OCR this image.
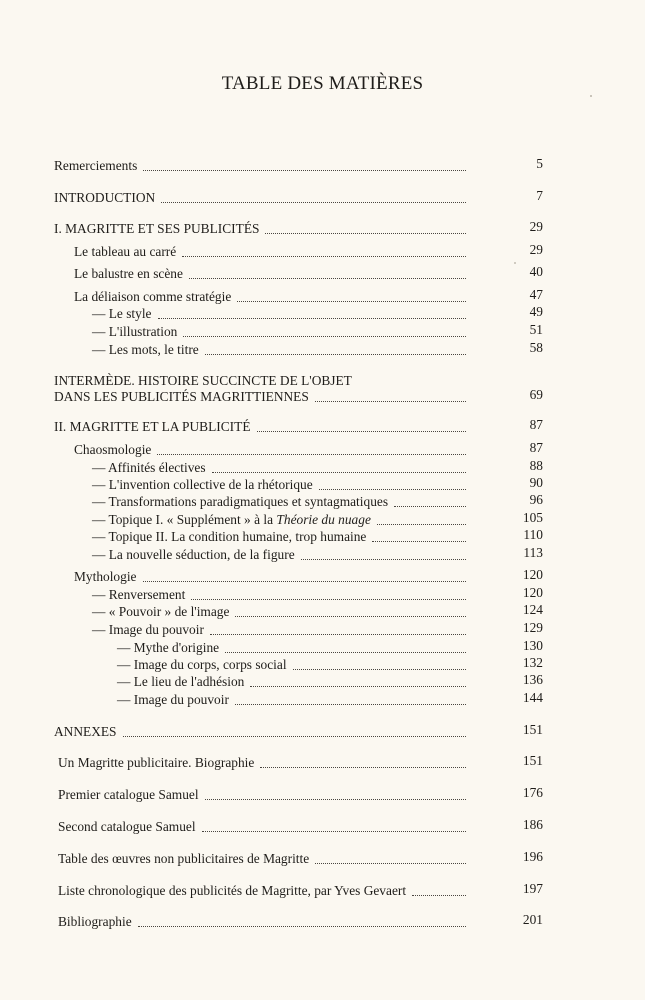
TABLE DES MATIÈRES
Remerciements	5
INTRODUCTION	7
I. MAGRITTE ET SES PUBLICITÉS	29
Le tableau au carré	29
Le balustre en scène	40
La déliaison comme stratégie	47
— Le style	49
— L'illustration	51
— Les mots, le titre	58
INTERMÈDE. HISTOIRE SUCCINCTE DE L'OBJET
DANS LES PUBLICITÉS MAGRITTIENNES	69
II. MAGRITTE ET LA PUBLICITÉ	87
Chaosmologie	87
— Affinités électives	88
— L'invention collective de la rhétorique	90
— Transformations paradigmatiques et syntagmatiques	96
— Topique I. « Supplément » à la Théorie du nuage	105
— Topique II. La condition humaine, trop humaine	110
— La nouvelle séduction, de la figure	113
Mythologie	120
— Renversement	120
— « Pouvoir » de l'image	124
— Image du pouvoir	129
— Mythe d'origine	130
— Image du corps, corps social	132
— Le lieu de l'adhésion	136
— Image du pouvoir	144
ANNEXES	151
Un Magritte publicitaire. Biographie	151
Premier catalogue Samuel	176
Second catalogue Samuel	186
Table des œuvres non publicitaires de Magritte	196
Liste chronologique des publicités de Magritte, par Yves Gevaert	197
Bibliographie	201
